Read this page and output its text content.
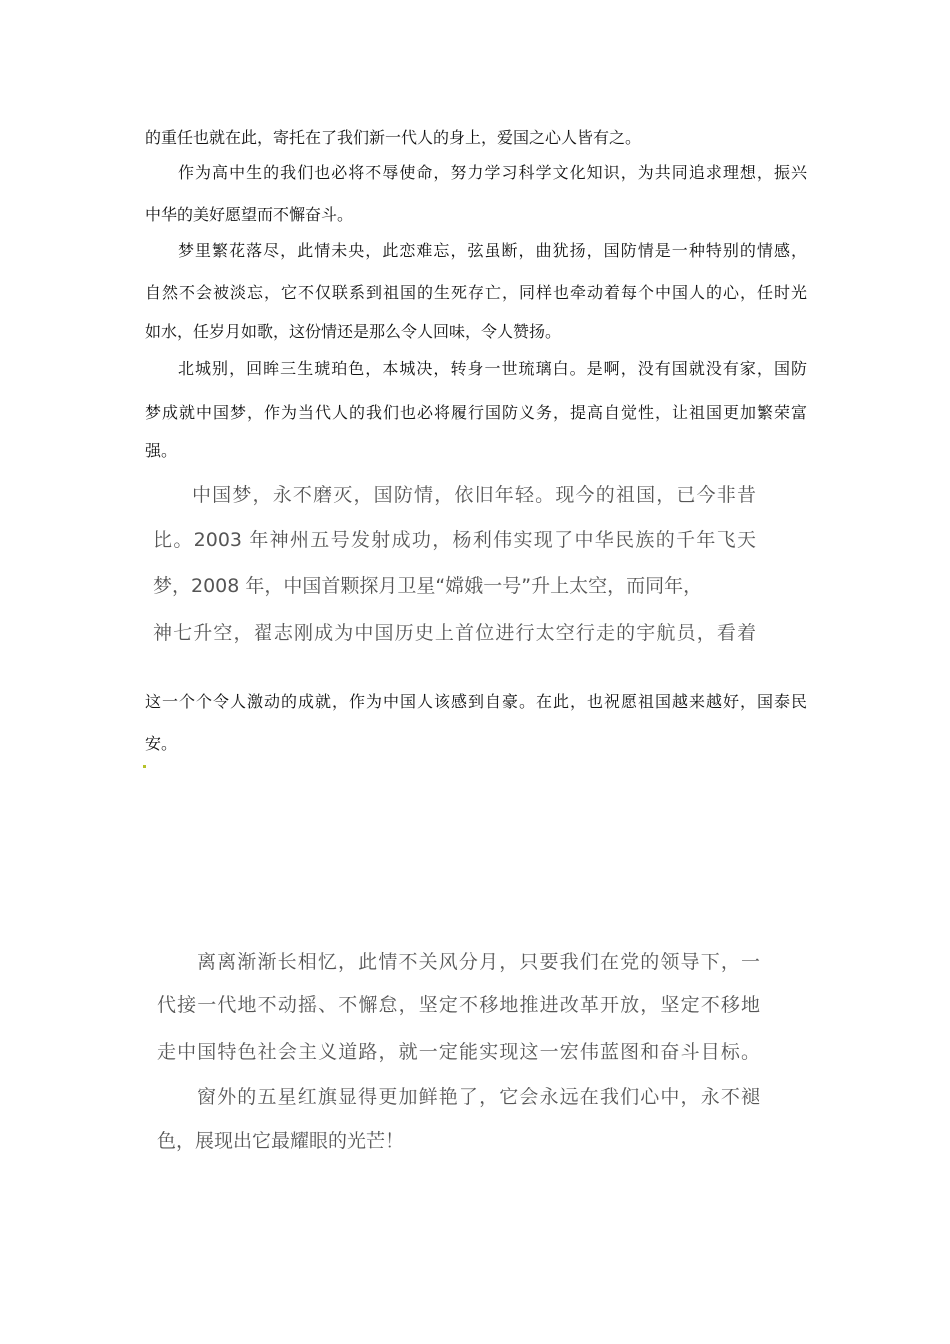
的重任也就在此，寄托在了我们新一代人的身上，爱国之心人皆有之。

作为高中生的我们也必将不辱使命，努力学习科学文化知识，为共同追求理想，振兴

中华的美好愿望而不懈奋斗。

梦里繁花落尽，此情未央，此恋难忘，弦虽断，曲犹扬，国防情是一种特别的情感，

自然不会被淡忘，它不仅联系到祖国的生死存亡，同样也牵动着每个中国人的心，任时光

如水，任岁月如歌，这份情还是那么令人回味，令人赞扬。

北城别，回眸三生琥珀色，本城决，转身一世琉璃白。是啊，没有国就没有家，国防

梦成就中国梦，作为当代人的我们也必将履行国防义务，提高自觉性，让祖国更加繁荣富

强。

中国梦，永不磨灭，国防情，依旧年轻。现今的祖国，已今非昔

比。2003 年神州五号发射成功，杨利伟实现了中华民族的千年飞天

梦，2008 年，中国首颗探月卫星“嫦娥一号”升上太空，而同年，

神七升空，翟志刚成为中国历史上首位进行太空行走的宇航员，看着

这一个个令人激动的成就，作为中国人该感到自豪。在此，也祝愿祖国越来越好，国泰民

安。

离离渐渐长相忆，此情不关风分月，只要我们在党的领导下，一

代接一代地不动摇、不懈怠，坚定不移地推进改革开放，坚定不移地

走中国特色社会主义道路，就一定能实现这一宏伟蓝图和奋斗目标。

窗外的五星红旗显得更加鲜艳了，它会永远在我们心中，永不褪

色，展现出它最耀眼的光芒！
